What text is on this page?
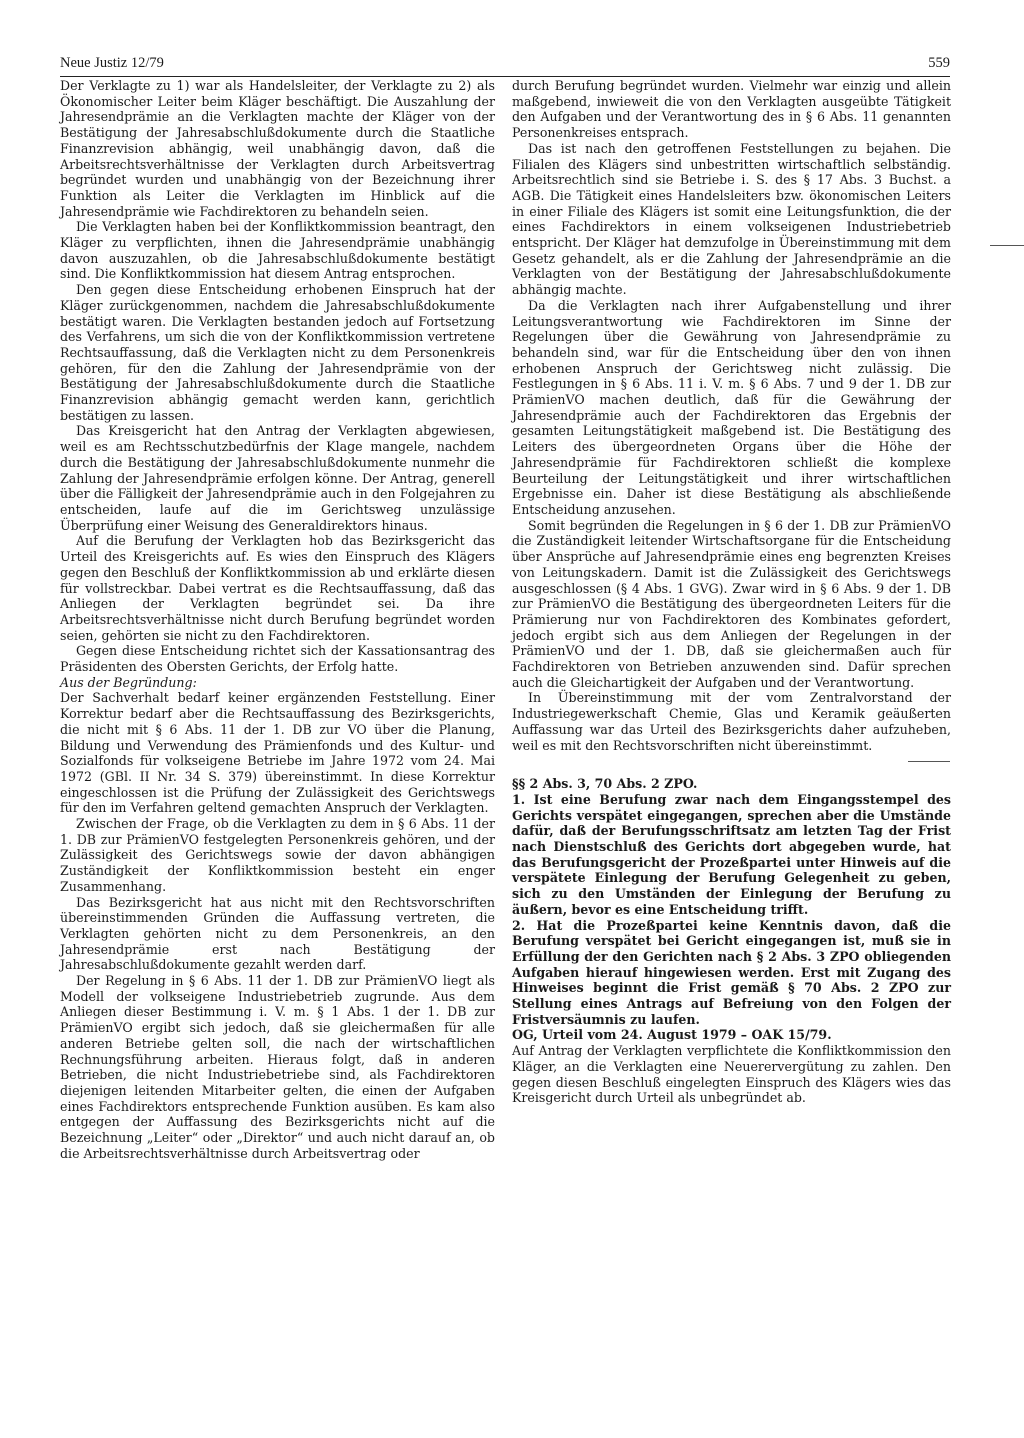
Neue Justiz 12/79	559

Der Verklagte zu 1) war als Handelsleiter, der Verklagte zu 2) als Ökonomischer Leiter beim Kläger beschäftigt. Die Auszahlung der Jahresendprämie an die Verklagten machte der Kläger von der Bestätigung der Jahresabschlußdokumente durch die Staatliche Finanzrevision abhängig, weil unabhängig davon, daß die Arbeitsrechtsverhältnisse der Verklagten durch Arbeitsvertrag begründet wurden und unabhängig von der Bezeichnung ihrer Funktion als Leiter die Verklagten im Hinblick auf die Jahresendprämie wie Fachdirektoren zu behandeln seien.

Die Verklagten haben bei der Konfliktkommission beantragt, den Kläger zu verpflichten, ihnen die Jahresendprämie unabhängig davon auszuzahlen, ob die Jahresabschlußdokumente bestätigt sind. Die Konfliktkommission hat diesem Antrag entsprochen.

Den gegen diese Entscheidung erhobenen Einspruch hat der Kläger zurückgenommen, nachdem die Jahresabschlußdokumente bestätigt waren. Die Verklagten bestanden jedoch auf Fortsetzung des Verfahrens, um sich die von der Konfliktkommission vertretene Rechtsauffassung, daß die Verklagten nicht zu dem Personenkreis gehören, für den die Zahlung der Jahresendprämie von der Bestätigung der Jahresabschlußdokumente durch die Staatliche Finanzrevision abhängig gemacht werden kann, gerichtlich bestätigen zu lassen.

Das Kreisgericht hat den Antrag der Verklagten abgewiesen, weil es am Rechtsschutzbedürfnis der Klage mangele, nachdem durch die Bestätigung der Jahresabschlußdokumente nunmehr die Zahlung der Jahresendprämie erfolgen könne. Der Antrag, generell über die Fälligkeit der Jahresendprämie auch in den Folgejahren zu entscheiden, laufe auf die im Gerichtsweg unzulässige Überprüfung einer Weisung des Generaldirektors hinaus.

Auf die Berufung der Verklagten hob das Bezirksgericht das Urteil des Kreisgerichts auf. Es wies den Einspruch des Klägers gegen den Beschluß der Konfliktkommission ab und erklärte diesen für vollstreckbar. Dabei vertrat es die Rechtsauffassung, daß das Anliegen der Verklagten begründet sei. Da ihre Arbeitsrechtsverhältnisse nicht durch Berufung begründet worden seien, gehörten sie nicht zu den Fachdirektoren.

Gegen diese Entscheidung richtet sich der Kassationsantrag des Präsidenten des Obersten Gerichts, der Erfolg hatte.

Aus der Begründung:

Der Sachverhalt bedarf keiner ergänzenden Feststellung. Einer Korrektur bedarf aber die Rechtsauffassung des Bezirksgerichts, die nicht mit § 6 Abs. 11 der 1. DB zur VO über die Planung, Bildung und Verwendung des Prämienfonds und des Kultur- und Sozialfonds für volkseigene Betriebe im Jahre 1972 vom 24. Mai 1972 (GBl. II Nr. 34 S. 379) übereinstimmt. In diese Korrektur eingeschlossen ist die Prüfung der Zulässigkeit des Gerichtswegs für den im Verfahren geltend gemachten Anspruch der Verklagten.

Zwischen der Frage, ob die Verklagten zu dem in § 6 Abs. 11 der 1. DB zur PrämienVO festgelegten Personenkreis gehören, und der Zulässigkeit des Gerichtswegs sowie der davon abhängigen Zuständigkeit der Konfliktkommission besteht ein enger Zusammenhang.

Das Bezirksgericht hat aus nicht mit den Rechtsvorschriften übereinstimmenden Gründen die Auffassung vertreten, die Verklagten gehörten nicht zu dem Personenkreis, an den Jahresendprämie erst nach Bestätigung der Jahresabschlußdokumente gezahlt werden darf.

Der Regelung in § 6 Abs. 11 der 1. DB zur PrämienVO liegt als Modell der volkseigene Industriebetrieb zugrunde. Aus dem Anliegen dieser Bestimmung i. V. m. § 1 Abs. 1 der 1. DB zur PrämienVO ergibt sich jedoch, daß sie gleichermaßen für alle anderen Betriebe gelten soll, die nach der wirtschaftlichen Rechnungsführung arbeiten. Hieraus folgt, daß in anderen Betrieben, die nicht Industriebetriebe sind, als Fachdirektoren diejenigen leitenden Mitarbeiter gelten, die einen der Aufgaben eines Fachdirektors entsprechende Funktion ausüben. Es kam also entgegen der Auffassung des Bezirksgerichts nicht auf die Bezeichnung „Leiter“ oder „Direktor“ und auch nicht darauf an, ob die Arbeitsrechtsverhältnisse durch Arbeitsvertrag oder

durch Berufung begründet wurden. Vielmehr war einzig und allein maßgebend, inwieweit die von den Verklagten ausgeübte Tätigkeit den Aufgaben und der Verantwortung des in § 6 Abs. 11 genannten Personenkreises entsprach.

Das ist nach den getroffenen Feststellungen zu bejahen. Die Filialen des Klägers sind unbestritten wirtschaftlich selbständig. Arbeitsrechtlich sind sie Betriebe i. S. des § 17 Abs. 3 Buchst. a AGB. Die Tätigkeit eines Handelsleiters bzw. ökonomischen Leiters in einer Filiale des Klägers ist somit eine Leitungsfunktion, die der eines Fachdirektors in einem volkseigenen Industriebetrieb entspricht. Der Kläger hat demzufolge in Übereinstimmung mit dem Gesetz gehandelt, als er die Zahlung der Jahresendprämie an die Verklagten von der Bestätigung der Jahresabschlußdokumente abhängig machte.

Da die Verklagten nach ihrer Aufgabenstellung und ihrer Leitungsverantwortung wie Fachdirektoren im Sinne der Regelungen über die Gewährung von Jahresendprämie zu behandeln sind, war für die Entscheidung über den von ihnen erhobenen Anspruch der Gerichtsweg nicht zulässig. Die Festlegungen in § 6 Abs. 11 i. V. m. § 6 Abs. 7 und 9 der 1. DB zur PrämienVO machen deutlich, daß für die Gewährung der Jahresendprämie auch der Fachdirektoren das Ergebnis der gesamten Leitungstätigkeit maßgebend ist. Die Bestätigung des Leiters des übergeordneten Organs über die Höhe der Jahresendprämie für Fachdirektoren schließt die komplexe Beurteilung der Leitungstätigkeit und ihrer wirtschaftlichen Ergebnisse ein. Daher ist diese Bestätigung als abschließende Entscheidung anzusehen.

Somit begründen die Regelungen in § 6 der 1. DB zur PrämienVO die Zuständigkeit leitender Wirtschaftsorgane für die Entscheidung über Ansprüche auf Jahresendprämie eines eng begrenzten Kreises von Leitungskadern. Damit ist die Zulässigkeit des Gerichtswegs ausgeschlossen (§ 4 Abs. 1 GVG). Zwar wird in § 6 Abs. 9 der 1. DB zur PrämienVO die Bestätigung des übergeordneten Leiters für die Prämierung nur von Fachdirektoren des Kombinates gefordert, jedoch ergibt sich aus dem Anliegen der Regelungen in der PrämienVO und der 1. DB, daß sie gleichermaßen auch für Fachdirektoren von Betrieben anzuwenden sind. Dafür sprechen auch die Gleichartigkeit der Aufgaben und der Verantwortung.

In Übereinstimmung mit der vom Zentralvorstand der Industriegewerkschaft Chemie, Glas und Keramik geäußerten Auffassung war das Urteil des Bezirksgerichts daher aufzuheben, weil es mit den Rechtsvorschriften nicht übereinstimmt.

§§ 2 Abs. 3, 70 Abs. 2 ZPO.

1. Ist eine Berufung zwar nach dem Eingangsstempel des Gerichts verspätet eingegangen, sprechen aber die Umstände dafür, daß der Berufungsschriftsatz am letzten Tag der Frist nach Dienstschluß des Gerichts dort abgegeben wurde, hat das Berufungsgericht der Prozeßpartei unter Hinweis auf die verspätete Einlegung der Berufung Gelegenheit zu geben, sich zu den Umständen der Einlegung der Berufung zu äußern, bevor es eine Entscheidung trifft.

2. Hat die Prozeßpartei keine Kenntnis davon, daß die Berufung verspätet bei Gericht eingegangen ist, muß sie in Erfüllung der den Gerichten nach § 2 Abs. 3 ZPO obliegenden Aufgaben hierauf hingewiesen werden. Erst mit Zugang des Hinweises beginnt die Frist gemäß § 70 Abs. 2 ZPO zur Stellung eines Antrags auf Befreiung von den Folgen der Fristversäumnis zu laufen.

OG, Urteil vom 24. August 1979 – OAK 15/79.

Auf Antrag der Verklagten verpflichtete die Konfliktkommission den Kläger, an die Verklagten eine Neuerervergütung zu zahlen. Den gegen diesen Beschluß eingelegten Einspruch des Klägers wies das Kreisgericht durch Urteil als unbegründet ab.
